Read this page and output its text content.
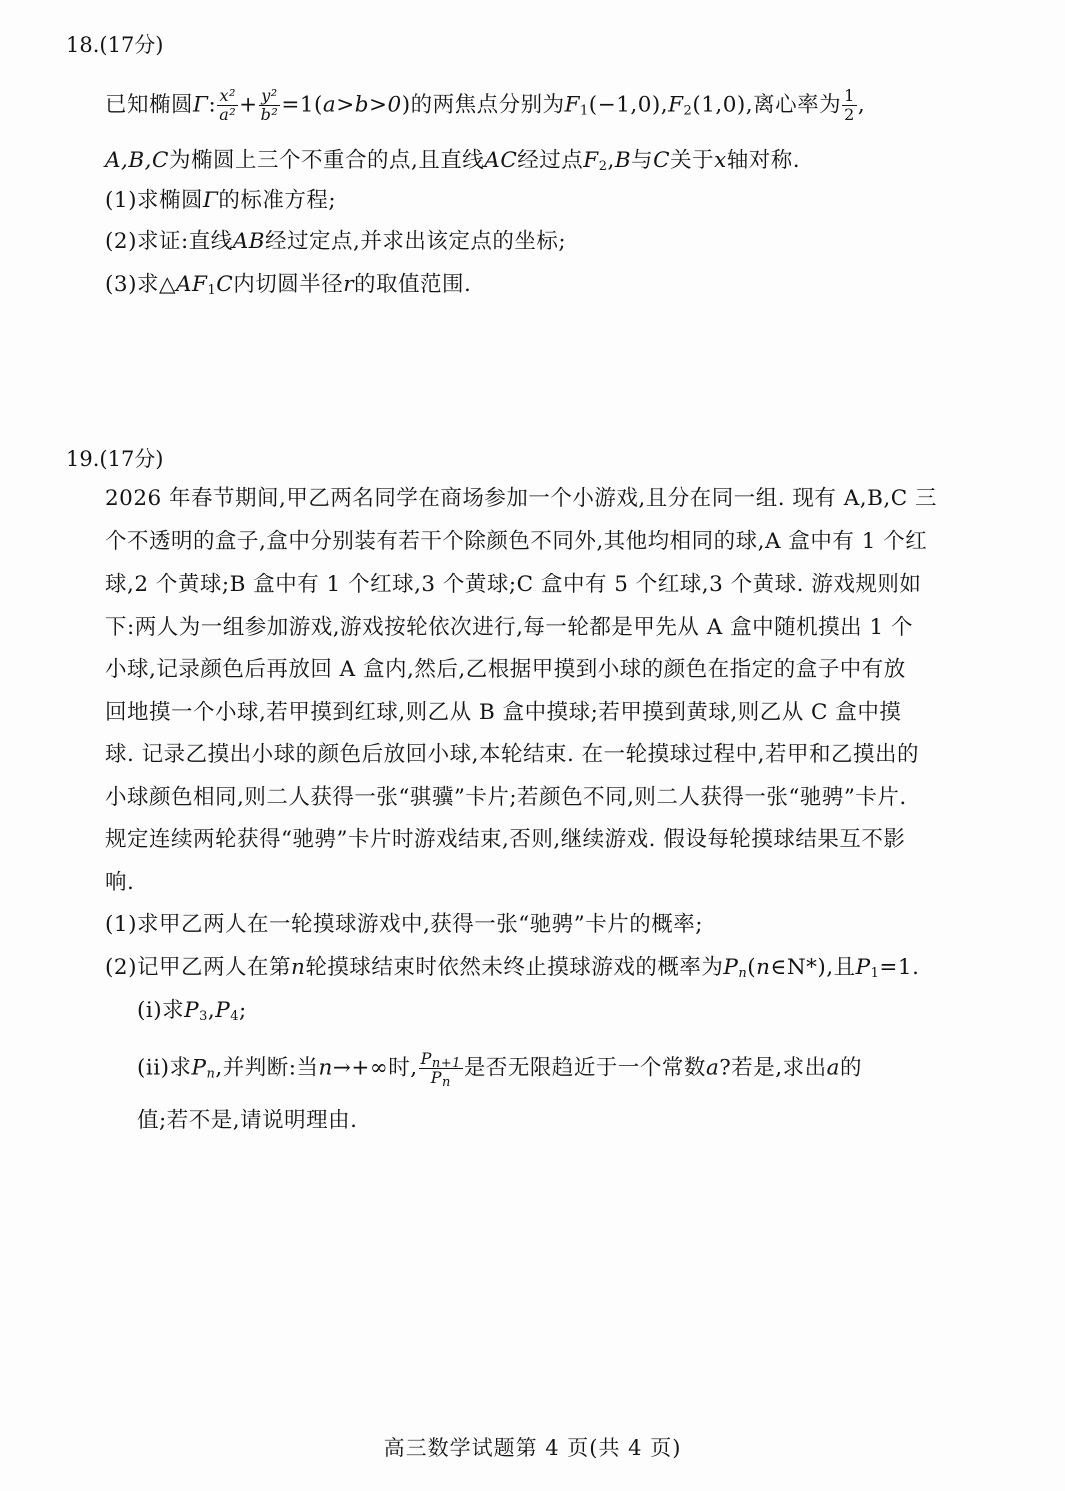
18.(17分)
已知椭圆Γ: $\frac{\text{x²}}{\text{a²}} + \frac{\text{y²}}{\text{b²}} =1(a>b>0)$的两焦点分别为$F_1(-1,0),F_2(1,0)$,离心率为 $\frac{1}{2}$ ,
A,B,C为椭圆上三个不重合的点,且直线AC经过点$F_2,B$与C关于x轴对称.
(1)求椭圆Γ的标准方程;
(2)求证:直线AB经过定点,并求出该定点的坐标;
(3)求$\triangle AF_1C$内切圆半径r的取值范围.
19.(17分)
2026 年春节期间,甲乙两名同学在商场参加一个小游戏,且分在同一组. 现有 A,B,C 三
个不透明的盒子,盒中分别装有若干个除颜色不同外,其他均相同的球,A 盒中有 1 个红
球,2 个黄球;B 盒中有 1 个红球,3 个黄球;C 盒中有 5 个红球,3 个黄球. 游戏规则如
下:两人为一组参加游戏,游戏按轮依次进行,每一轮都是甲先从 A 盒中随机摸出 1 个
小球,记录颜色后再放回 A 盒内,然后,乙根据甲摸到小球的颜色在指定的盒子中有放
回地摸一个小球,若甲摸到红球,则乙从 B 盒中摸球;若甲摸到黄球,则乙从 C 盒中摸
球. 记录乙摸出小球的颜色后放回小球,本轮结束. 在一轮摸球过程中,若甲和乙摸出的
小球颜色相同,则二人获得一张“骐骥”卡片;若颜色不同,则二人获得一张“驰骋”卡片.
规定连续两轮获得“驰骋”卡片时游戏结束,否则,继续游戏. 假设每轮摸球结果互不影
响.
(1)求甲乙两人在一轮摸球游戏中,获得一张“驰骋”卡片的概率;
(2)记甲乙两人在第n轮摸球结束时依然未终止摸球游戏的概率为$P_n(n\in N*)$,且$P_1=1$.
(i)求$P_3,P_4$;
(ii)求$P_n$,并判断:当n→+∞时, $\frac{P_{n+1}}{P_n}$ 是否无限趋近于一个常数a?若是,求出a的
值;若不是,请说明理由.
高三数学试题第 4 页(共 4 页)
